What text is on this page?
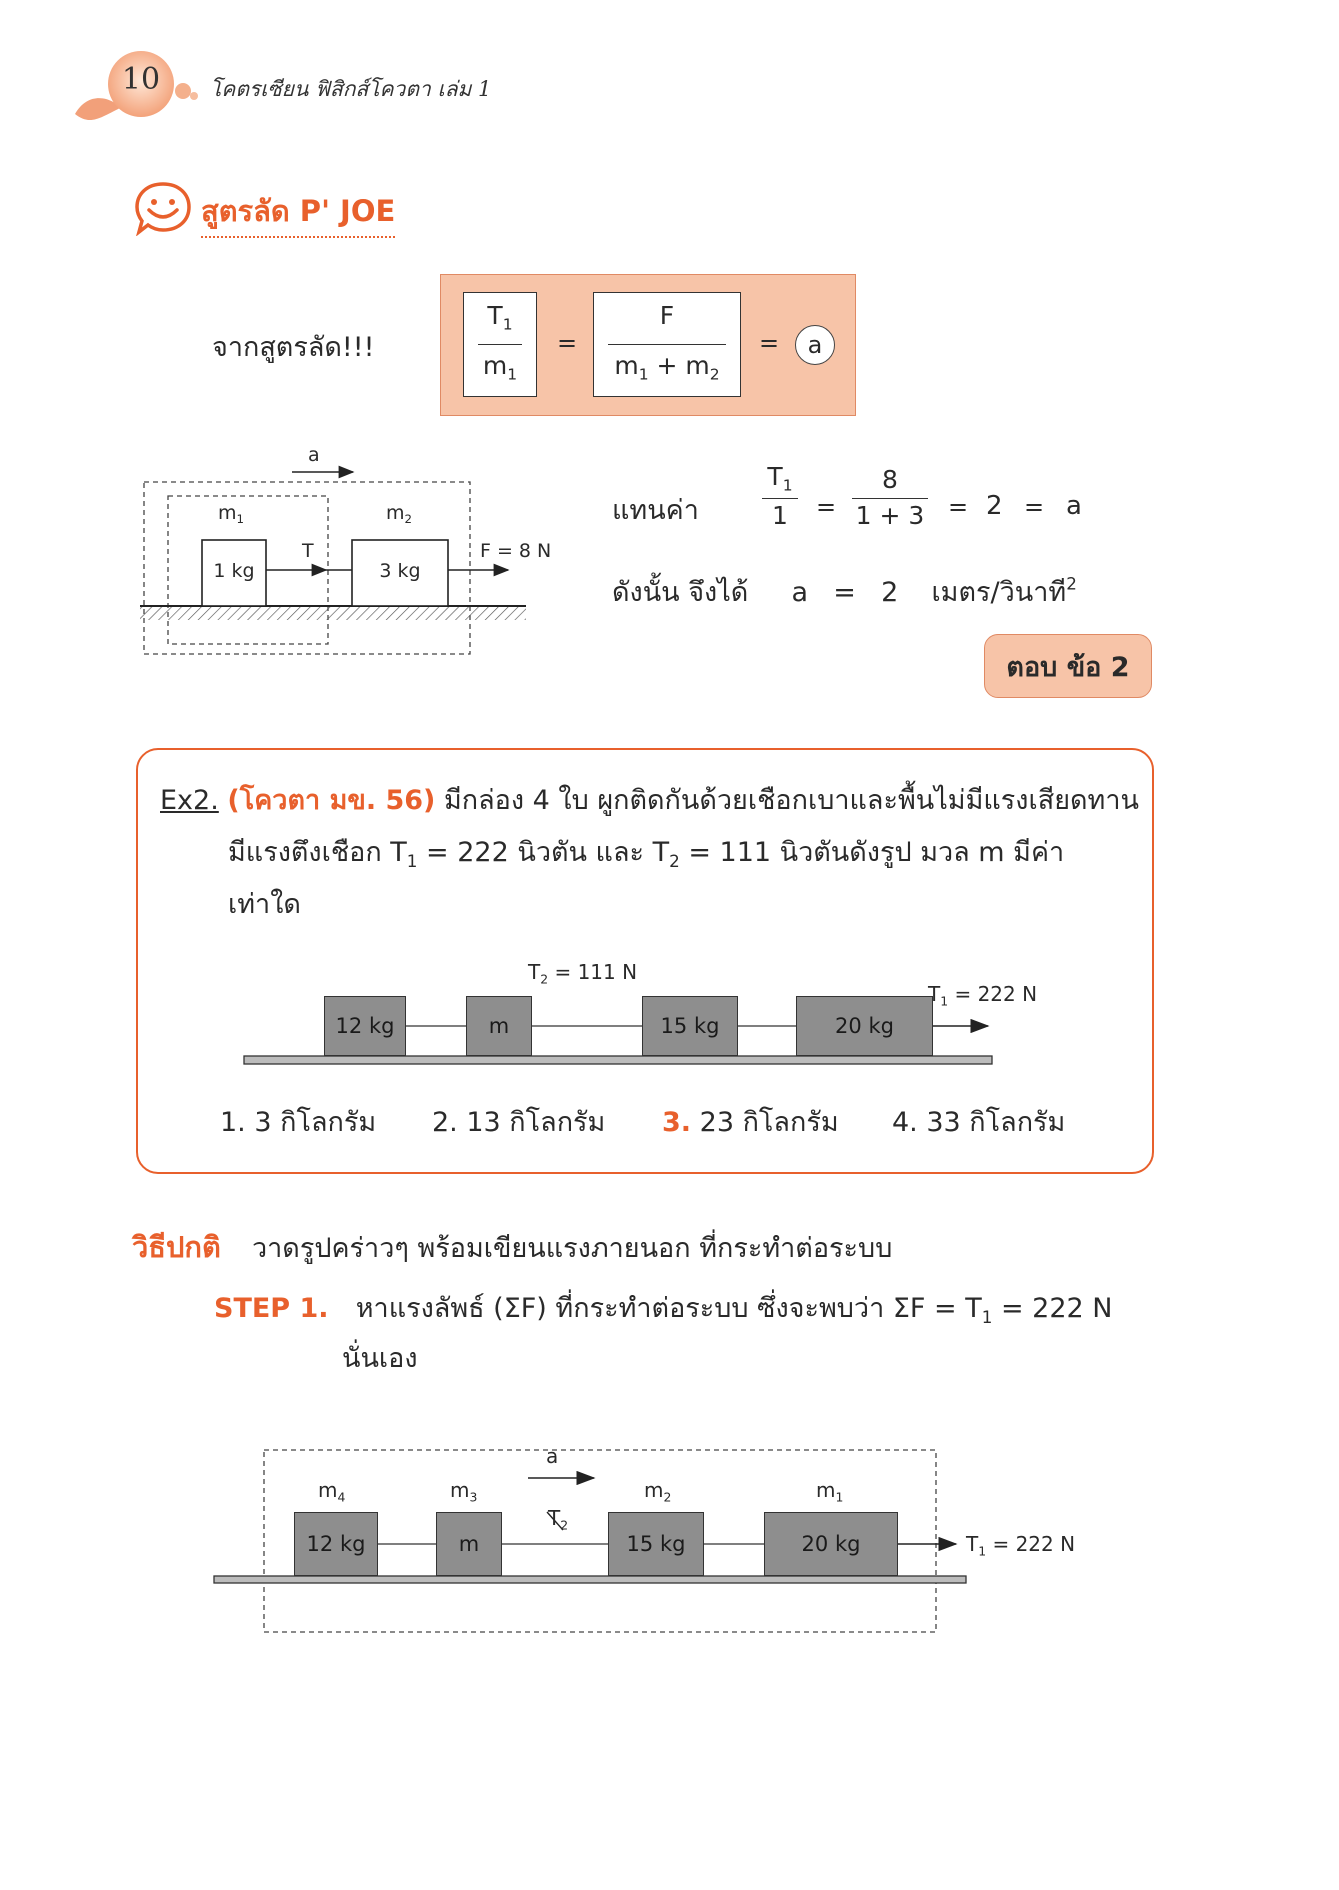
10	โคตรเซียน ฟิสิกส์โควตา เล่ม 1
สูตรลัด P' JOE
จากสูตรลัด!!!
$T_1$
$m_1$
=
F
$m_1 + m_2$
= a
a
$m_1$	$m_2$
T
1 kg	3 kg
F = 8 N
แทนค่า
$T_1$
1	=
8
1 + 3 = 2 = a
ดังนั้น จึงได้ a = 2 เมตร/วินาที$^2$
ตอบ ข้อ 2
Ex2. (โควตา มข. 56) มีกล่อง 4 ใบ ผูกติดกันด้วยเชือกเบาและพื้นไม่มีแรงเสียดทาน
มีแรงตึงเชือก $T_1 = 222$ นิวตัน และ $T_2 = 111$ นิวตันดังรูป มวล m มีค่า
เท่าใด
12 kg	m	15 kg	20 kg
$T_2 = 111$ N
$T_1 = 222$ N
1. 3 กิโลกรัม 2. 13 กิโลกรัม 3. 23 กิโลกรัม 4. 33 กิโลกรัม
วิธีปกติ วาดรูปคร่าวๆ พร้อมเขียนแรงภายนอก ที่กระทำต่อระบบ
STEP 1. หาแรงลัพธ์ (ΣF) ที่กระทำต่อระบบ ซึ่งจะพบว่า $\Sigma F = T_1 = 222$ N
นั่นเอง
a
$T_2$
$m_4$	$m_3$	$m_2$	$m_1$
12 kg	m	15 kg	20 kg	$T_1 = 222$ N
